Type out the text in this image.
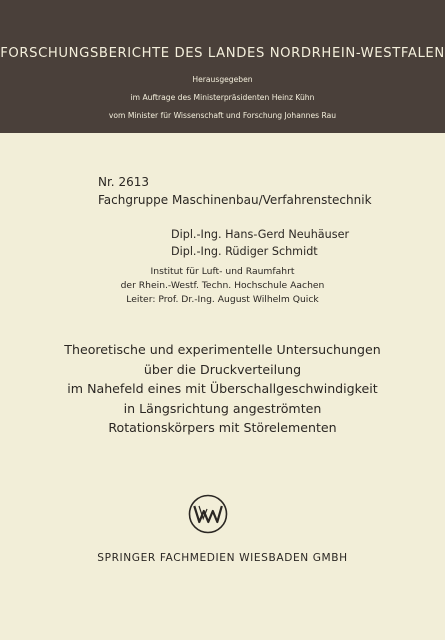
FORSCHUNGSBERICHTE DES LANDES NORDRHEIN-WESTFALEN
Herausgegeben
im Auftrage des Ministerpräsidenten Heinz Kühn
vom Minister für Wissenschaft und Forschung Johannes Rau
Nr. 2613
Fachgruppe Maschinenbau/Verfahrenstechnik
Dipl.-Ing. Hans-Gerd Neuhäuser
Dipl.-Ing. Rüdiger Schmidt
Institut für Luft- und Raumfahrt
der Rhein.-Westf. Techn. Hochschule Aachen
Leiter: Prof. Dr.-Ing. August Wilhelm Quick
Theoretische und experimentelle Untersuchungen
über die Druckverteilung
im Nahefeld eines mit Überschallgeschwindigkeit
in Längsrichtung angeströmten
Rotationskörpers mit Störelementen
SPRINGER FACHMEDIEN WIESBADEN GMBH
